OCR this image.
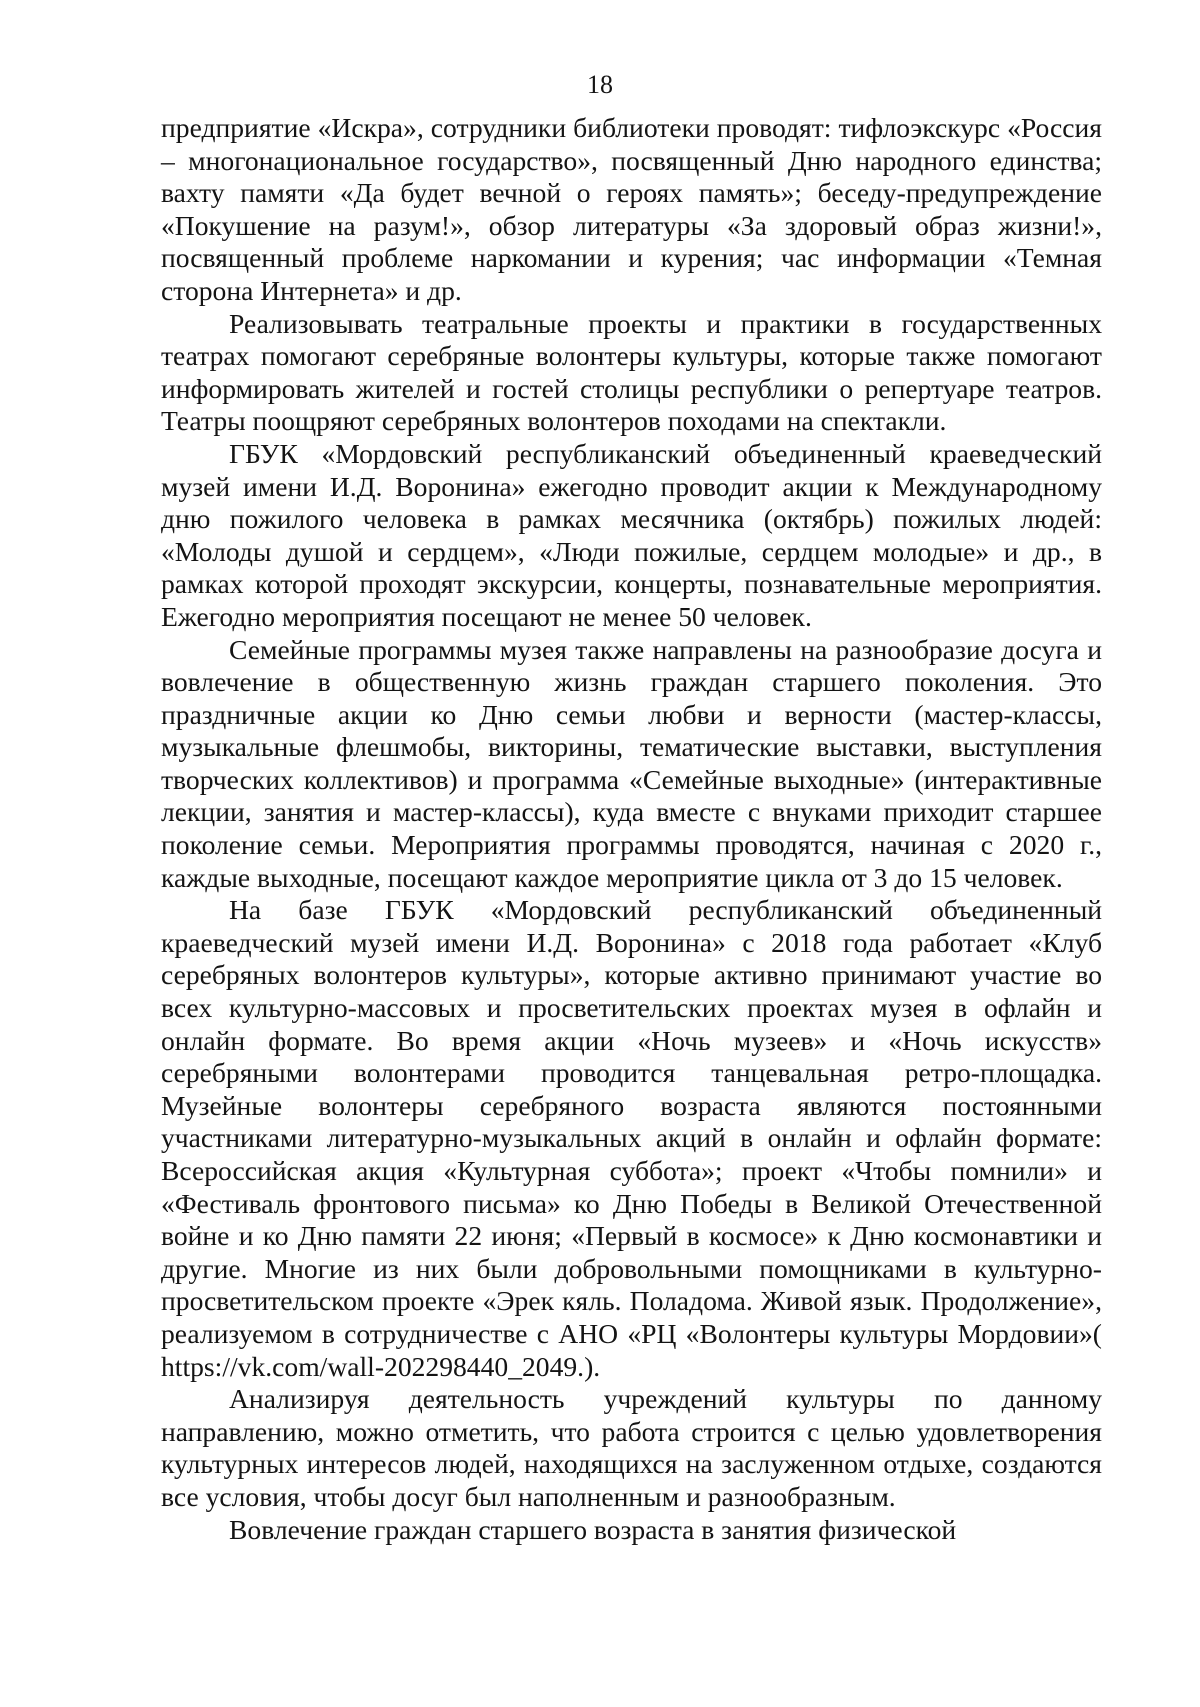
18

предприятие «Искра», сотрудники библиотеки проводят: тифлоэкскурс «Россия – многонациональное государство», посвященный Дню народного единства; вахту памяти «Да будет вечной о героях память»; беседу-предупреждение «Покушение на разум!», обзор литературы «За здоровый образ жизни!», посвященный проблеме наркомании и курения; час информации «Темная сторона Интернета» и др.

Реализовывать театральные проекты и практики в государственных театрах помогают серебряные волонтеры культуры, которые также помогают информировать жителей и гостей столицы республики о репертуаре театров. Театры поощряют серебряных волонтеров походами на спектакли.

ГБУК «Мордовский республиканский объединенный краеведческий музей имени И.Д. Воронина» ежегодно проводит акции к Международному дню пожилого человека в рамках месячника (октябрь) пожилых людей: «Молоды душой и сердцем», «Люди пожилые, сердцем молодые» и др., в рамках которой проходят экскурсии, концерты, познавательные мероприятия. Ежегодно мероприятия посещают не менее 50 человек.

Семейные программы музея также направлены на разнообразие досуга и вовлечение в общественную жизнь граждан старшего поколения. Это праздничные акции ко Дню семьи любви и верности (мастер-классы, музыкальные флешмобы, викторины, тематические выставки, выступления творческих коллективов) и программа «Семейные выходные» (интерактивные лекции, занятия и мастер-классы), куда вместе с внуками приходит старшее поколение семьи. Мероприятия программы проводятся, начиная с 2020 г., каждые выходные, посещают каждое мероприятие цикла от 3 до 15 человек.

На базе ГБУК «Мордовский республиканский объединенный краеведческий музей имени И.Д. Воронина» с 2018 года работает «Клуб серебряных волонтеров культуры», которые активно принимают участие во всех культурно-массовых и просветительских проектах музея в офлайн и онлайн формате. Во время акции «Ночь музеев» и «Ночь искусств» серебряными волонтерами проводится танцевальная ретро-площадка. Музейные волонтеры серебряного возраста являются постоянными участниками литературно-музыкальных акций в онлайн и офлайн формате: Всероссийская акция «Культурная суббота»; проект «Чтобы помнили» и «Фестиваль фронтового письма» ко Дню Победы в Великой Отечественной войне и ко Дню памяти 22 июня; «Первый в космосе» к Дню космонавтики и другие. Многие из них были добровольными помощниками в культурно-просветительском проекте «Эрек кяль. Поладома. Живой язык. Продолжение», реализуемом в сотрудничестве с АНО «РЦ «Волонтеры культуры Мордовии»( https://vk.com/wall-202298440_2049.).

Анализируя деятельность учреждений культуры по данному направлению, можно отметить, что работа строится с целью удовлетворения культурных интересов людей, находящихся на заслуженном отдыхе, создаются все условия, чтобы досуг был наполненным и разнообразным.

Вовлечение граждан старшего возраста в занятия физической
